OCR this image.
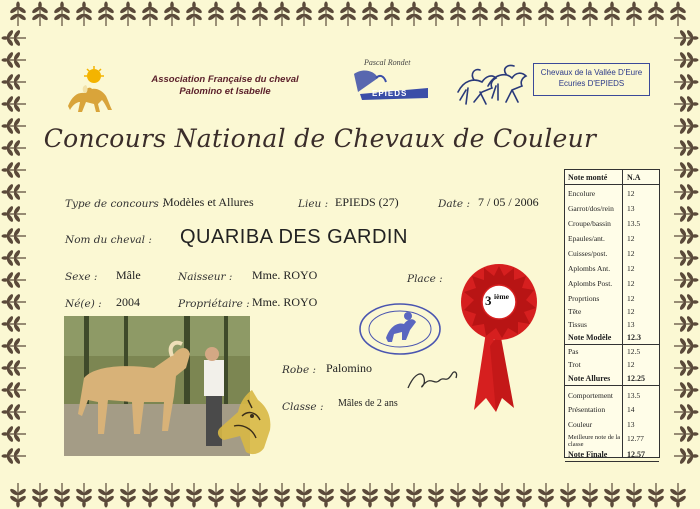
Association Française du cheval
Palomino et Isabelle
Pascal Rondet
EPIEDS
Chevaux de la Vallée D'Eure
Ecuries D'EPIEDS
Concours National de Chevaux de Couleur
Type de concours :
Modèles et Allures	Lieu : EPIEDS (27)	Date : 7 / 05 / 2006
Nom du cheval : QUARIBA DES GARDIN
Sexe : Mâle	Naisseur : Mme. ROYO
Né(e) : 2004	Propriétaire : Mme. ROYO
Place :
Robe : Palomino
Classe : Mâles de 2 ans
3 ième
Note monté N.A
Encolure	12
Garrot/dos/rein 13
Croupe/bassin 13.5
Epaules/ant.	12
Cuisses/post.	12
Aplombs Ant. 12
Aplombs Post. 12
Proprtions	12
Tête	12
Tissus	13
Note Modèle 12.3
Pas	12.5
Trot	12
Note Allures 12.25
Comportement 13.5
Présentation	14
Couleur	13
Meilleure note de la classe
12.77
Note Finale 12.57
